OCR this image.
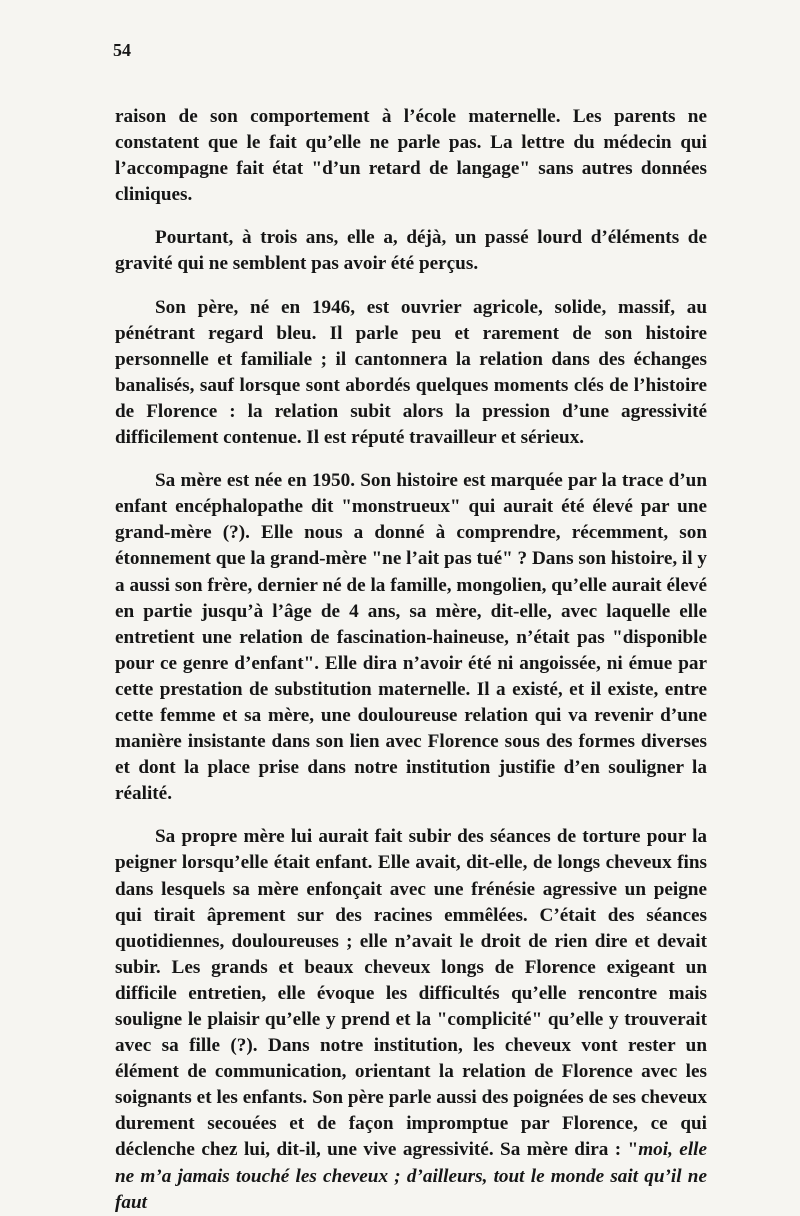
54

raison de son comportement à l’école maternelle. Les parents ne constatent que le fait qu’elle ne parle pas. La lettre du médecin qui l’accompagne fait état "d’un retard de langage" sans autres données cliniques.

Pourtant, à trois ans, elle a, déjà, un passé lourd d’éléments de gravité qui ne semblent pas avoir été perçus.

Son père, né en 1946, est ouvrier agricole, solide, massif, au pénétrant regard bleu. Il parle peu et rarement de son histoire personnelle et familiale ; il cantonnera la relation dans des échanges banalisés, sauf lorsque sont abordés quelques moments clés de l’histoire de Florence : la relation subit alors la pression d’une agressivité difficilement contenue. Il est réputé travailleur et sérieux.

Sa mère est née en 1950. Son histoire est marquée par la trace d’un enfant encéphalopathe dit "monstrueux" qui aurait été élevé par une grand-mère (?). Elle nous a donné à comprendre, récemment, son étonnement que la grand-mère "ne l’ait pas tué" ? Dans son histoire, il y a aussi son frère, dernier né de la famille, mongolien, qu’elle aurait élevé en partie jusqu’à l’âge de 4 ans, sa mère, dit-elle, avec laquelle elle entretient une relation de fascination-haineuse, n’était pas "disponible pour ce genre d’enfant". Elle dira n’avoir été ni angoissée, ni émue par cette prestation de substitution maternelle. Il a existé, et il existe, entre cette femme et sa mère, une douloureuse relation qui va revenir d’une manière insistante dans son lien avec Florence sous des formes diverses et dont la place prise dans notre institution justifie d’en souligner la réalité.

Sa propre mère lui aurait fait subir des séances de torture pour la peigner lorsqu’elle était enfant. Elle avait, dit-elle, de longs cheveux fins dans lesquels sa mère enfonçait avec une frénésie agressive un peigne qui tirait âprement sur des racines emmêlées. C’était des séances quotidiennes, douloureuses ; elle n’avait le droit de rien dire et devait subir. Les grands et beaux cheveux longs de Florence exigeant un difficile entretien, elle évoque les difficultés qu’elle rencontre mais souligne le plaisir qu’elle y prend et la "complicité" qu’elle y trouverait avec sa fille (?). Dans notre institution, les cheveux vont rester un élément de communication, orientant la relation de Florence avec les soignants et les enfants. Son père parle aussi des poignées de ses cheveux durement secouées et de façon impromptue par Florence, ce qui déclenche chez lui, dit-il, une vive agressivité. Sa mère dira : "moi, elle ne m’a jamais touché les cheveux ; d’ailleurs, tout le monde sait qu’il ne faut
